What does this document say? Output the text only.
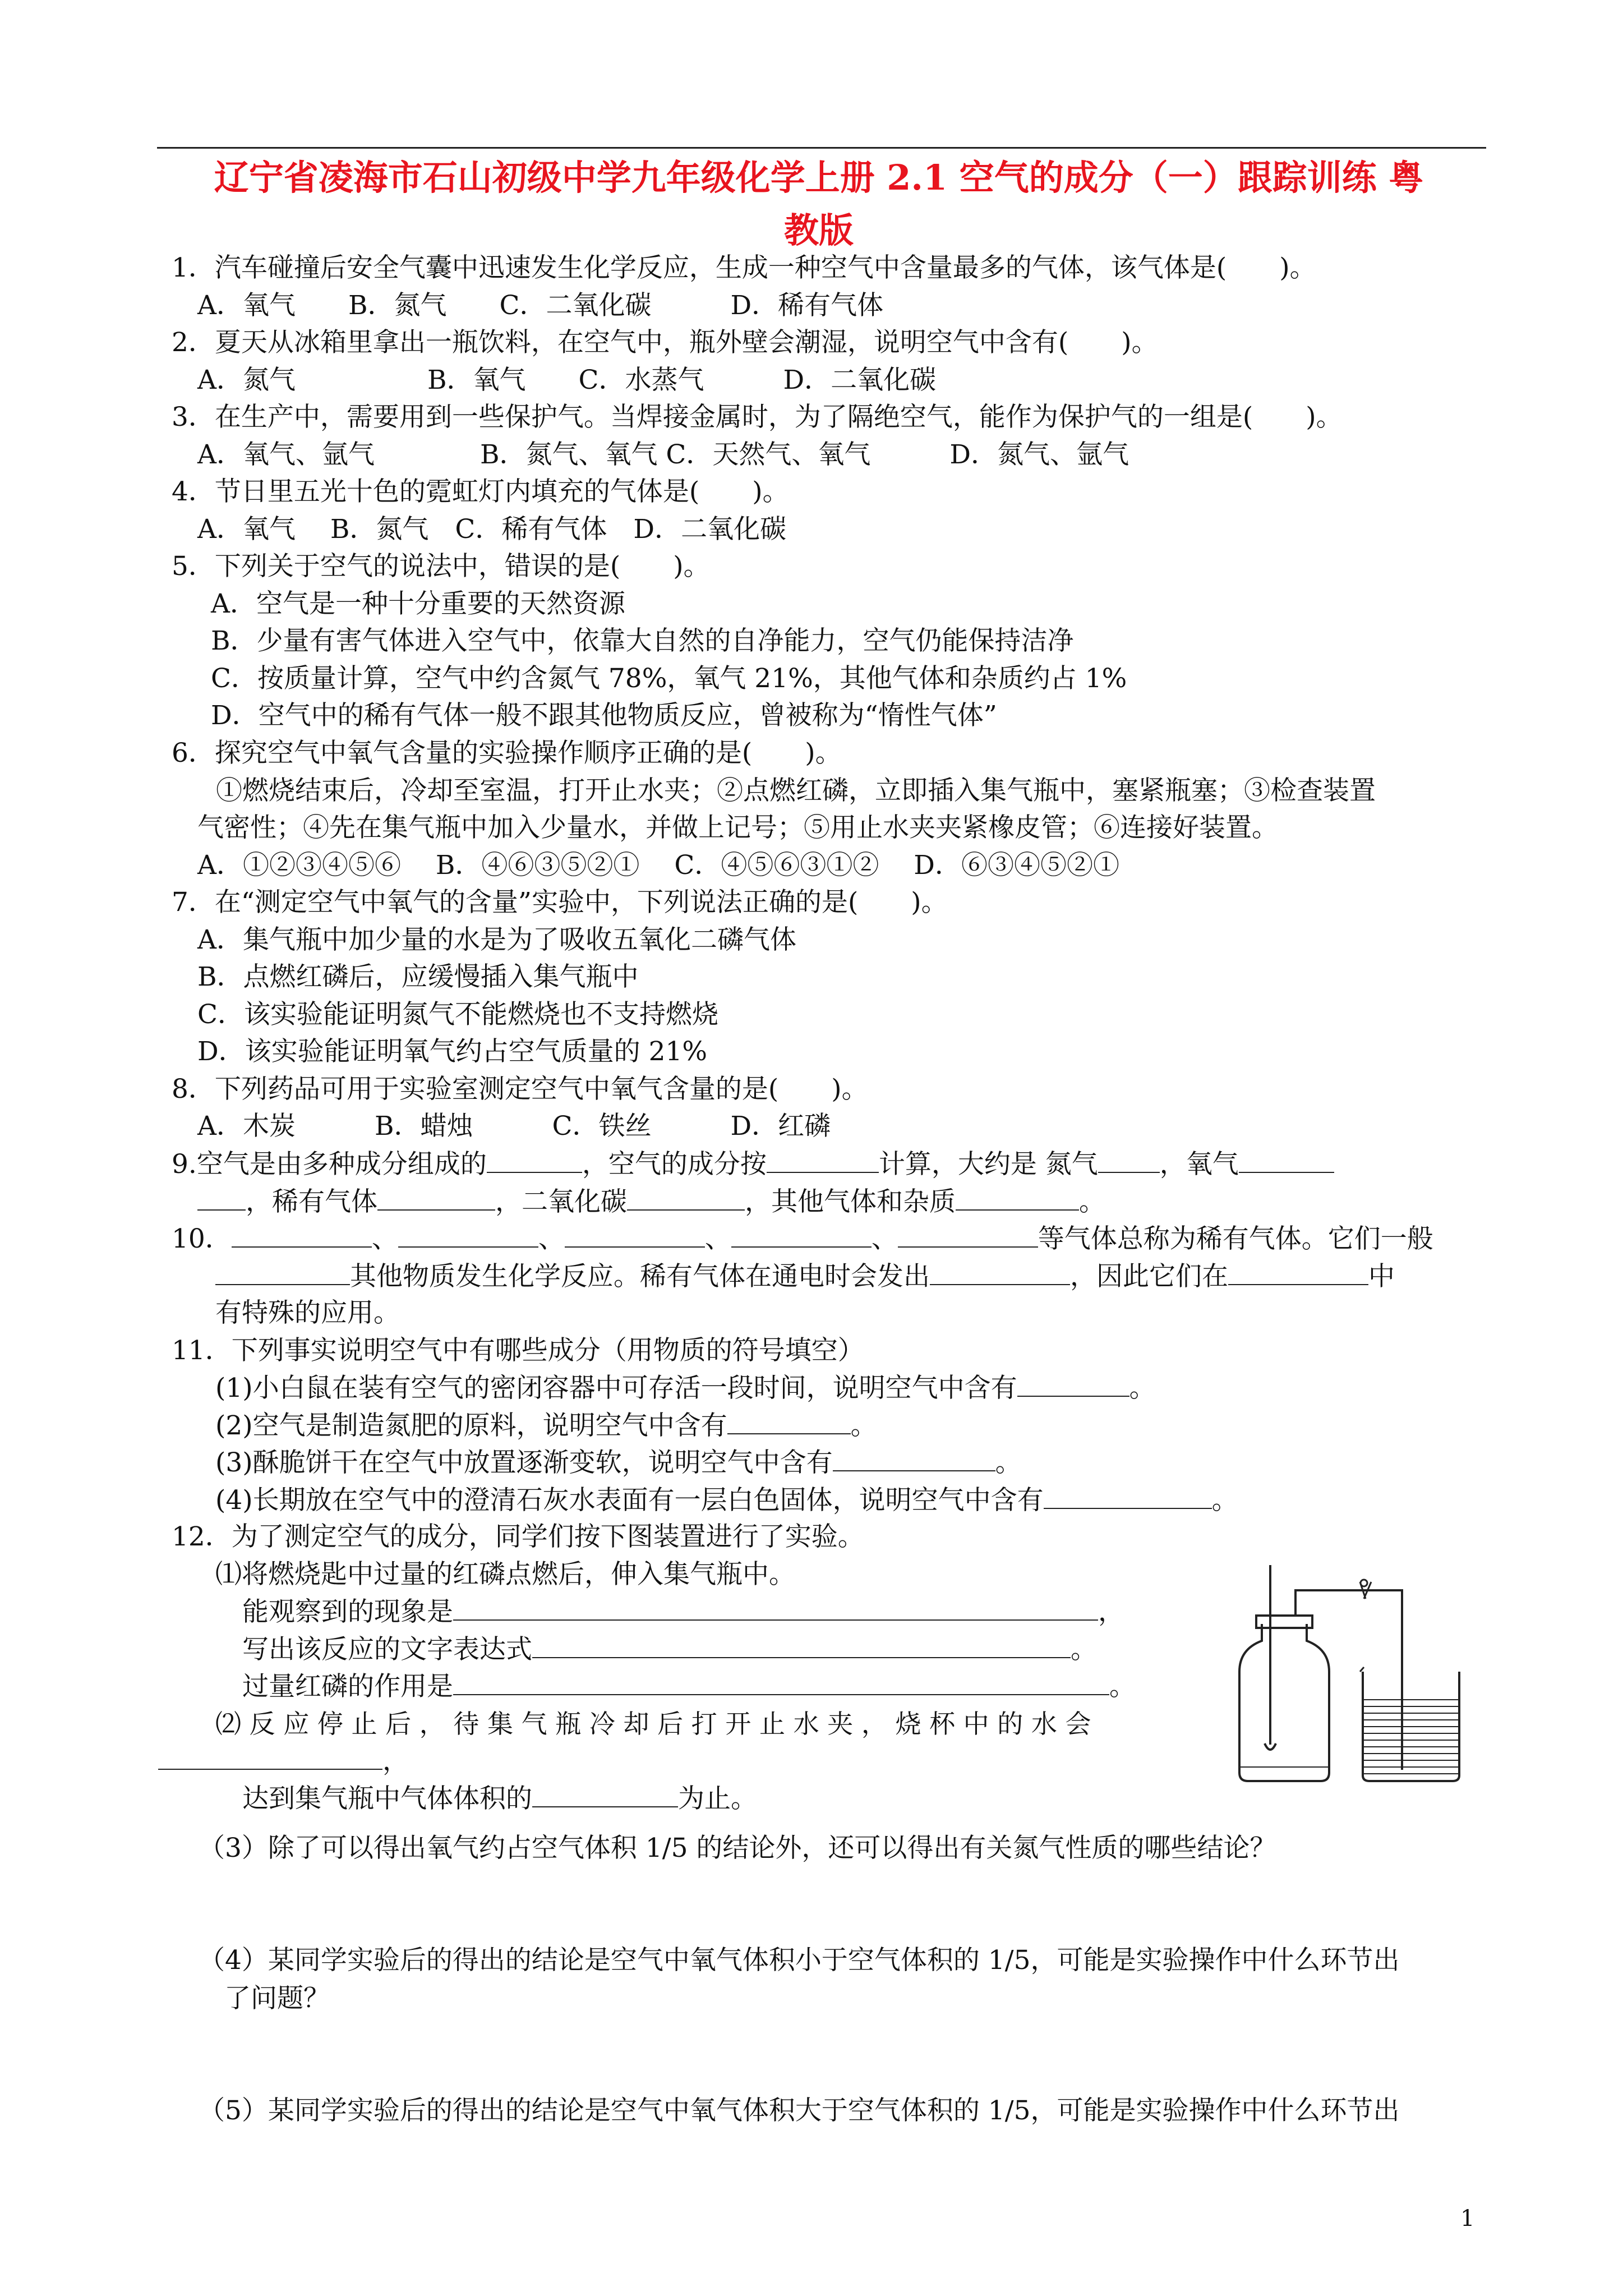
辽宁省凌海市石山初级中学九年级化学上册 2.1 空气的成分（一）跟踪训练 粤
教版
1．汽车碰撞后安全气囊中迅速发生化学反应，生成一种空气中含量最多的气体，该气体是(　　)。
A．氧气　　B．氮气　　C．二氧化碳　　　D．稀有气体
2．夏天从冰箱里拿出一瓶饮料，在空气中，瓶外壁会潮湿，说明空气中含有(　　)。
A．氮气　　　　　B．氧气　　C．水蒸气　　　D．二氧化碳
3．在生产中，需要用到一些保护气。当焊接金属时，为了隔绝空气，能作为保护气的一组是(　　)。
A．氧气、氩气　　　　B．氮气、氧气 C．天然气、氧气　　　D．氮气、氩气
4．节日里五光十色的霓虹灯内填充的气体是(　　)。
A．氧气　 B．氮气　C．稀有气体　D．二氧化碳
5．下列关于空气的说法中，错误的是(　　)。
A．空气是一种十分重要的天然资源
B．少量有害气体进入空气中，依靠大自然的自净能力，空气仍能保持洁净
C．按质量计算，空气中约含氮气 78%，氧气 21%，其他气体和杂质约占 1%
D．空气中的稀有气体一般不跟其他物质反应，曾被称为“惰性气体”
6．探究空气中氧气含量的实验操作顺序正确的是(　　)。
①燃烧结束后，冷却至室温，打开止水夹；②点燃红磷，立即插入集气瓶中，塞紧瓶塞；③检查装置
气密性；④先在集气瓶中加入少量水，并做上记号；⑤用止水夹夹紧橡皮管；⑥连接好装置。
A．①②③④⑤⑥　 B．④⑥③⑤②①　 C．④⑤⑥③①②　 D．⑥③④⑤②①
7．在“测定空气中氧气的含量”实验中，下列说法正确的是(　　)。
A．集气瓶中加少量的水是为了吸收五氧化二磷气体
B．点燃红磷后，应缓慢插入集气瓶中
C．该实验能证明氮气不能燃烧也不支持燃烧
D．该实验能证明氧气约占空气质量的 21%
8．下列药品可用于实验室测定空气中氧气含量的是(　　)。
A．木炭　　　B．蜡烛　　　C．铁丝　　　D．红磷
9.空气是由多种成分组成的	，空气的成分按	计算，大约是 氮气 ，氧气
，稀有气体	，二氧化碳	，其他气体和杂质	。
10．	、	、	、	、	等气体总称为稀有气体。它们一般
其他物质发生化学反应。稀有气体在通电时会发出	，因此它们在	中
有特殊的应用。
11．下列事实说明空气中有哪些成分（用物质的符号填空）
(1)小白鼠在装有空气的密闭容器中可存活一段时间，说明空气中含有	。
(2)空气是制造氮肥的原料，说明空气中含有	。
(3)酥脆饼干在空气中放置逐渐变软，说明空气中含有	。
(4)长期放在空气中的澄清石灰水表面有一层白色固体，说明空气中含有	。
12．为了测定空气的成分，同学们按下图装置进行了实验。
⑴将燃烧匙中过量的红磷点燃后，伸入集气瓶中。
能观察到的现象是	，
写出该反应的文字表达式	。
过量红磷的作用是	。
⑵ 反 应 停 止 后 ， 待 集 气 瓶 冷 却 后 打 开 止 水 夹 ， 烧 杯 中 的 水 会
，
达到集气瓶中气体体积的	为止。
（3）除了可以得出氧气约占空气体积 1/5 的结论外，还可以得出有关氮气性质的哪些结论？
（4）某同学实验后的得出的结论是空气中氧气体积小于空气体积的 1/5，可能是实验操作中什么环节出
了问题？
（5）某同学实验后的得出的结论是空气中氧气体积大于空气体积的 1/5，可能是实验操作中什么环节出
1
